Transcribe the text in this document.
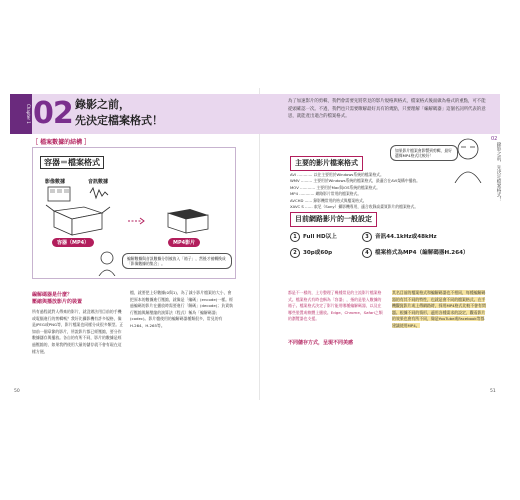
Chapter 1 02 錄影之前，
先決定檔案格式！
為了加速影片的剪輯，我們會需要先將常見的影片規格與格式，檔案格式後面做為格式的重點，可不能從頭確認一次。不過，我們也只需要瞭解最好具有的幾點，只要理解「編解碼器」這個名詞所代表的意思，就能產出適合的檔案格式。
［ 檔案數據的結構 ］
容器＝檔案格式
影像數據	音訊數據
容器（MP4）	MP4影片
編解數據與音訊數據分別被放入「箱子」，然後才被轉換成「影像數據的集合」。
編解碼器是什麼？
壓縮與播放影片的裝置
所有過程就對人傳來的影片，就沒辦法用目前的手機或電腦進行的剪輯嗎？我好比攝影機有許多規格，像是JPEG或PNG等，影片檔案也同樣分成很多類型。正如前一個章節的影片，所說影片都已經壓縮，要分作數據儲存與播放。各自的有所不同，影片的數據是經過壓縮的，如果我們使用大量的儲存就不會有現在這樣方便。
檔，就要把上好數據(0與1)，為了減小影片檔案的大小，會把原本的數據進行壓縮，就像是「編碼」(encode)一樣。經過編碼的影片在播放時需要進行「解碼」(decode)；負責執行壓縮與解壓縮的演算法（程式）稱為「編解碼器」(codec)。影片檔使用的編解碼器種類很多，常見的有H.264、H.265等。
50
如果影片檔案會影響到剪輯，最好選擇MP4格式比較好！
主要的影片檔案格式
AVI ………… 以往主要用於Windows系統的檔案格式。
WMV ……… 主要用於Windows系統的檔案格式，最適合在AVI架構中播放。
MOV ………… 主要用於Mac與iOS系統的檔案格式。
MP4 ………… 網路影片常用的檔案格式。
AVCHD …… 錄影機常用的格式與檔案格式。
XAVC S …… 索尼（Sony）攝影機專用，適合收錄高畫質影片的檔案格式。
目前網路影片的一般設定
1 Full HD以上	3 音訊44.1kHz或48kHz
2 30p或60p	4 檔案格式為MP4（編解碼器H.264）
都是不一樣的，上方整理了幾種常見的主流影片檔案格式。檔案格式有時也稱為「容器」，指的是裝入數據的箱子。檔案格式決定了影片能用哪種編解碼器，以及在哪些裝置或軟體上播放。Edge、Chrome、Safari之類的瀏覽器也支援。
不同儲存方式，呈現不同美感
其名目前的檔案格式和編解碼器也不相同，每種編解碼器的有其不同的特性，也就是會不同的檔案格式。在手機觀賞影片或上傳網路時，採用MP4格式比較不會有問題。根據不同的情形，適用各種需求的設定，觀看影片的效果也會有所不同，像是YouTube或Facebook等都建議使用MP4。
51
02
錄影之前，先決定檔案格式！
